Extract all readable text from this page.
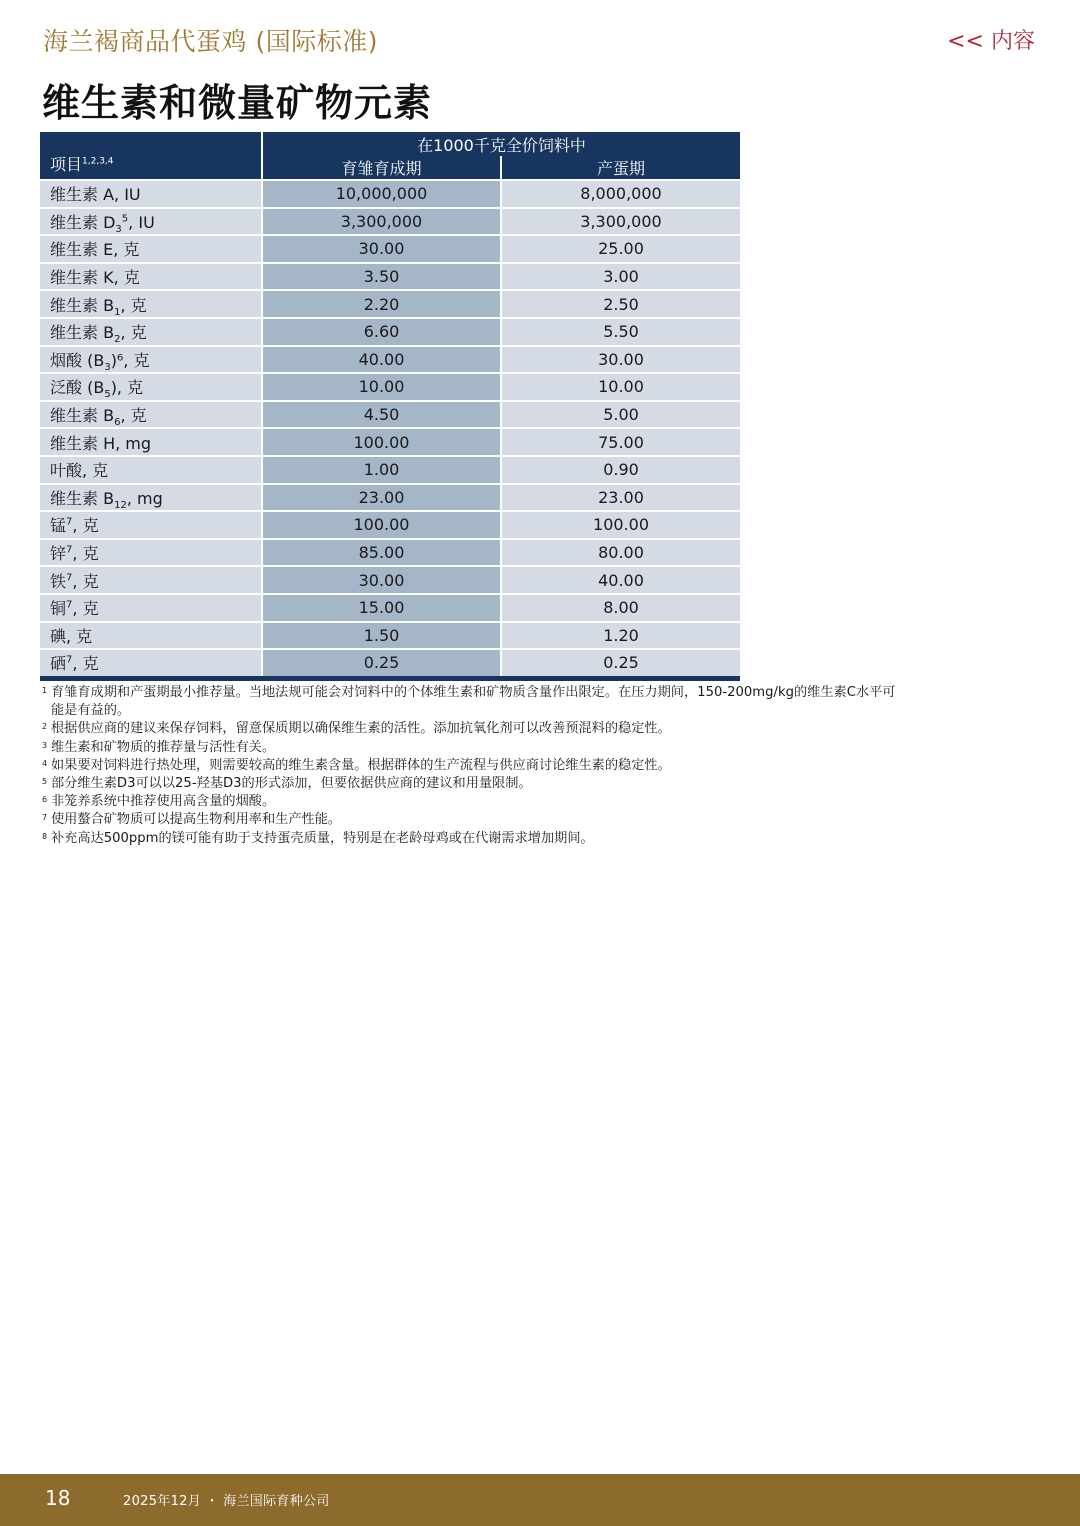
海兰褐商品代蛋鸡 (国际标准)	<< 内容
维生素和微量矿物元素
项目$^{1,2,3,4}$	在1000千克全价饲料中	
	育雏育成期	产蛋期
维生素 A, IU	10,000,000	8,000,000
维生素 $D_3^5$, IU	3,300,000	3,300,000
维生素 E, 克	30.00	25.00
维生素 K, 克	3.50	3.00
维生素 $B_1$, 克	2.20	2.50
维生素 $B_2$, 克	6.60	5.50
烟酸 $(B_3)^6$, 克	40.00	30.00
泛酸 $(B_5)$, 克	10.00	10.00
维生素 $B_6$, 克	4.50	5.00
维生素 H, mg	100.00	75.00
叶酸, 克	1.00	0.90
维生素 $B_{12}$, mg	23.00	23.00
锰$^7$, 克	100.00	100.00
锌$^7$, 克	85.00	80.00
铁$^7$, 克	30.00	40.00
铜$^7$, 克	15.00	8.00
碘, 克	1.50	1.20
硒$^7$, 克	0.25	0.25
1 育雏育成期和产蛋期最小推荐量。当地法规可能会对饲料中的个体维生素和矿物质含量作出限定。在压力期间，150-200mg/kg的维生素C水平可能是有益的。
2 根据供应商的建议来保存饲料，留意保质期以确保维生素的活性。添加抗氧化剂可以改善预混料的稳定性。
3 维生素和矿物质的推荐量与活性有关。
4 如果要对饲料进行热处理，则需要较高的维生素含量。根据群体的生产流程与供应商讨论维生素的稳定性。
5 部分维生素D3可以以25-羟基D3的形式添加，但要依据供应商的建议和用量限制。
6 非笼养系统中推荐使用高含量的烟酸。
7 使用螯合矿物质可以提高生物利用率和生产性能。
8 补充高达500ppm的镁可能有助于支持蛋壳质量，特别是在老龄母鸡或在代谢需求增加期间。
18	2025年12月 ・ 海兰国际育种公司
